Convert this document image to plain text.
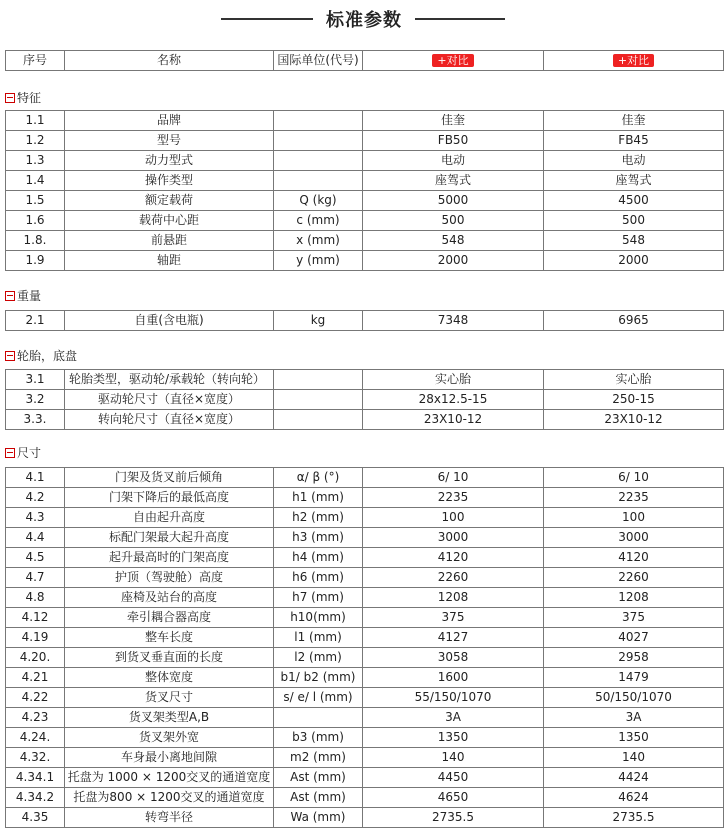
标准参数
序号	名称	国际单位(代号)	+对比	+对比
特征
1.1	品牌		佳奎	佳奎
1.2	型号		FB50	FB45
1.3	动力型式		电动	电动
1.4	操作类型		座驾式	座驾式
1.5	额定载荷	Q (kg)	5000	4500
1.6	载荷中心距	c (mm)	500	500
1.8.	前悬距	x (mm)	548	548
1.9	轴距	y (mm)	2000	2000
重量
2.1	自重(含电瓶)	kg	7348	6965
轮胎，底盘
3.1	轮胎类型，驱动轮/承载轮（转向轮）		实心胎	实心胎
3.2	驱动轮尺寸（直径×宽度）		28x12.5-15	250-15
3.3.	转向轮尺寸（直径×宽度）		23X10-12	23X10-12
尺寸
4.1	门架及货叉前后倾角	α/ β (°)	6/ 10	6/ 10
4.2	门架下降后的最低高度	h1 (mm)	2235	2235
4.3	自由起升高度	h2 (mm)	100	100
4.4	标配门架最大起升高度	h3 (mm)	3000	3000
4.5	起升最高时的门架高度	h4 (mm)	4120	4120
4.7	护顶（驾驶舱）高度	h6 (mm)	2260	2260
4.8	座椅及站台的高度	h7 (mm)	1208	1208
4.12	牵引耦合器高度	h10(mm)	375	375
4.19	整车长度	l1 (mm)	4127	4027
4.20.	到货叉垂直面的长度	l2 (mm)	3058	2958
4.21	整体宽度	b1/ b2 (mm)	1600	1479
4.22	货叉尺寸	s/ e/ l (mm)	55/150/1070	50/150/1070
4.23	货叉架类型A,B		3A	3A
4.24.	货叉架外宽	b3 (mm)	1350	1350
4.32.	车身最小离地间隙	m2 (mm)	140	140
4.34.1	托盘为 1000 × 1200交叉的通道宽度	Ast (mm)	4450	4424
4.34.2	托盘为800 × 1200交叉的通道宽度	Ast (mm)	4650	4624
4.35	转弯半径	Wa (mm)	2735.5	2735.5
